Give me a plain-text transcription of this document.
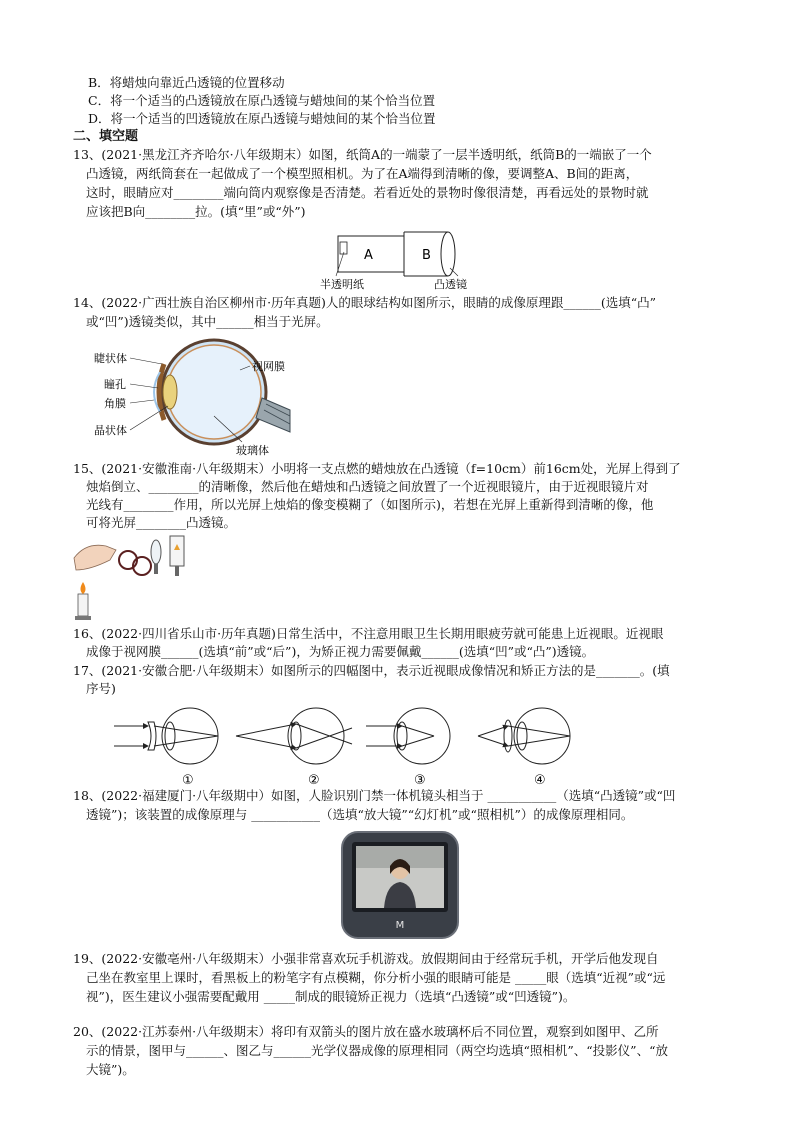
B．将蜡烛向靠近凸透镜的位置移动
C．将一个适当的凸透镜放在原凸透镜与蜡烛间的某个恰当位置
D．将一个适当的凹透镜放在原凸透镜与蜡烛间的某个恰当位置
二、填空题
13、(2021·黑龙江齐齐哈尔·八年级期末）如图，纸筒A的一端蒙了一层半透明纸，纸筒B的一端嵌了一个
凸透镜，两纸筒套在一起做成了一个模型照相机。为了在A端得到清晰的像，要调整A、B间的距离，
这时，眼睛应对________端向筒内观察像是否清楚。若看近处的景物时像很清楚，再看远处的景物时就
应该把B向________拉。(填“里”或“外”)
A	B
半透明纸	凸透镜
14、(2022·广西壮族自治区柳州市·历年真题)人的眼球结构如图所示，眼睛的成像原理跟______(选填“凸”
或“凹”)透镜类似，其中______相当于光屏。
睫状体
瞳孔
角膜
晶状体
视网膜
玻璃体
15、(2021·安徽淮南·八年级期末）小明将一支点燃的蜡烛放在凸透镜（f=10cm）前16cm处，光屏上得到了
烛焰倒立、________的清晰像，然后他在蜡烛和凸透镜之间放置了一个近视眼镜片，由于近视眼镜片对
光线有________作用，所以光屏上烛焰的像变模糊了（如图所示)，若想在光屏上重新得到清晰的像，他
可将光屏________凸透镜。
16、(2022·四川省乐山市·历年真题)日常生活中，不注意用眼卫生长期用眼疲劳就可能患上近视眼。近视眼
成像于视网膜______(选填“前”或“后”)，为矫正视力需要佩戴______(选填“凹”或“凸”)透镜。
17、(2021·安徽合肥·八年级期末）如图所示的四幅图中，表示近视眼成像情况和矫正方法的是_______。(填
序号)
①	②	③	④
18、(2022·福建厦门·八年级期中）如图，人脸识别门禁一体机镜头相当于 ___________（选填“凸透镜”或“凹
透镜”)；该装置的成像原理与 ___________（选填“放大镜”“幻灯机”或“照相机”）的成像原理相同。
M
19、(2022·安徽亳州·八年级期末）小强非常喜欢玩手机游戏。放假期间由于经常玩手机，开学后他发现自
己坐在教室里上课时，看黑板上的粉笔字有点模糊，你分析小强的眼睛可能是 _____眼（选填“近视”或“远
视”)，医生建议小强需要配戴用 _____制成的眼镜矫正视力（选填“凸透镜”或“凹透镜”)。
20、(2022·江苏泰州·八年级期末）将印有双箭头的图片放在盛水玻璃杯后不同位置，观察到如图甲、乙所
示的情景，图甲与______、图乙与______光学仪器成像的原理相同（两空均选填“照相机”、“投影仪”、“放
大镜”)。
